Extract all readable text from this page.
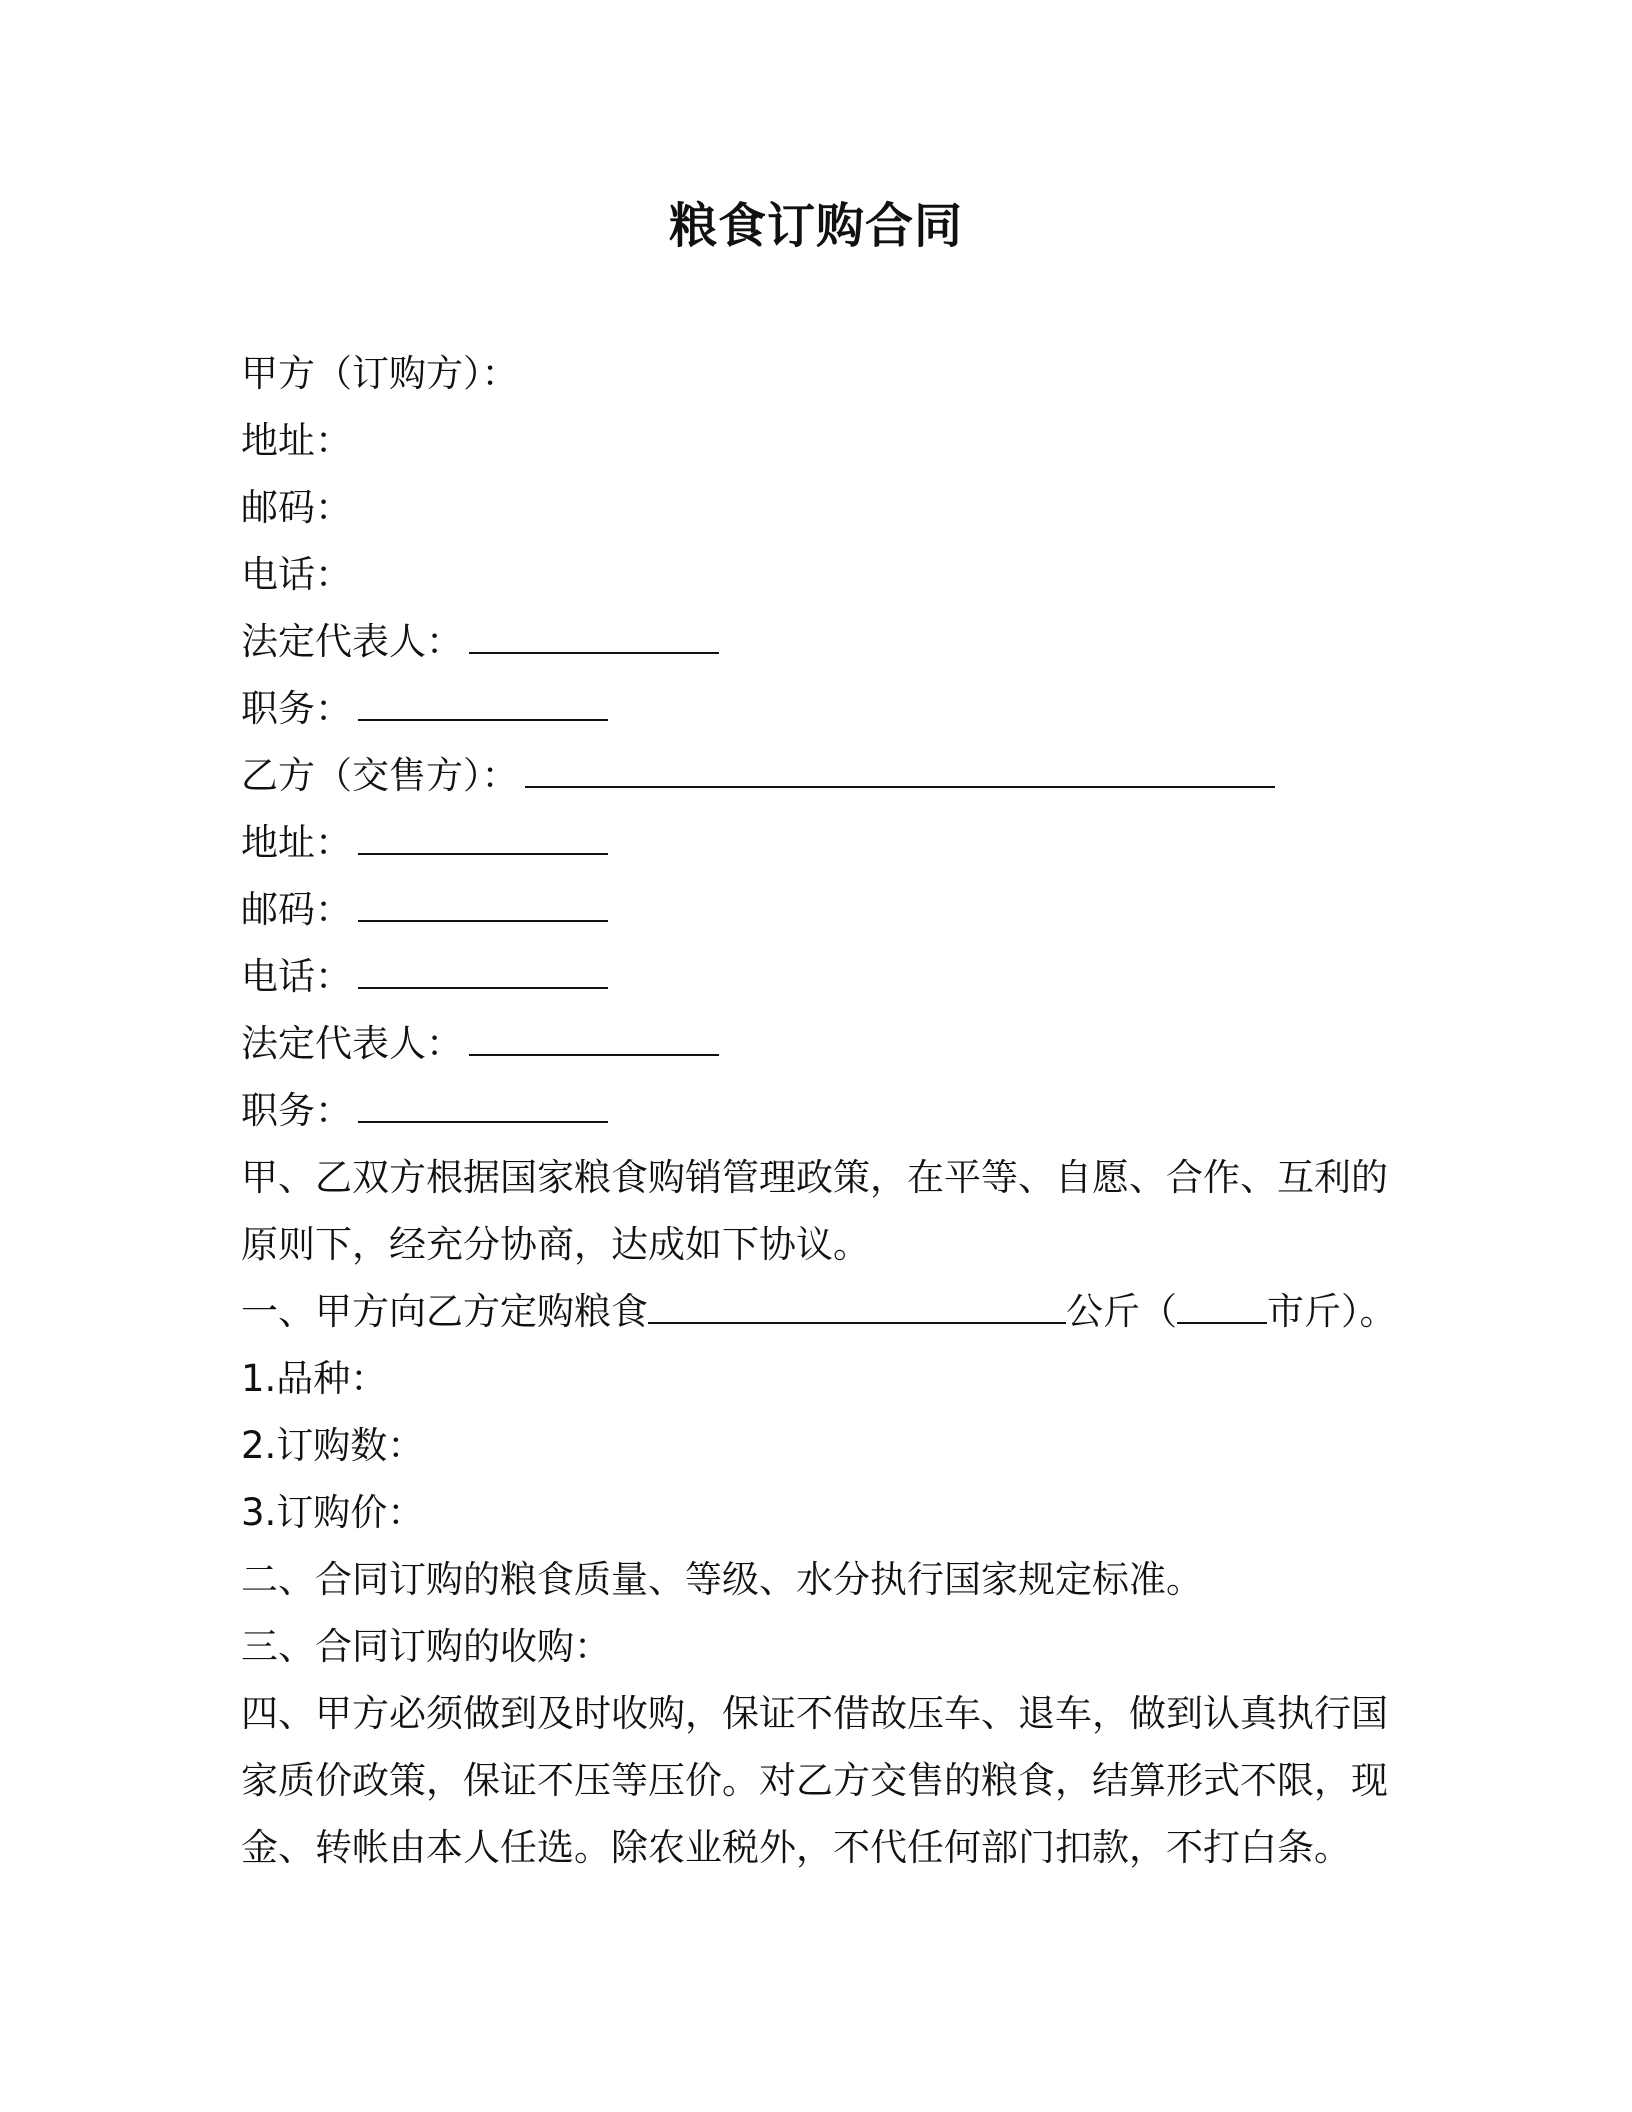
粮食订购合同
甲方（订购方）：
地址：
邮码：
电话：
法定代表人：
职务：
乙方（交售方）：
地址：
邮码：
电话：
法定代表人：
职务：
甲、乙双方根据国家粮食购销管理政策，在平等、自愿、合作、互利的原则下，经充分协商，达成如下协议。
一、甲方向乙方定购粮食	公斤（ 市斤）。
1.品种：
2.订购数：
3.订购价：
二、合同订购的粮食质量、等级、水分执行国家规定标准。
三、合同订购的收购：
四、甲方必须做到及时收购，保证不借故压车、退车，做到认真执行国家质价政策，保证不压等压价。对乙方交售的粮食，结算形式不限，现金、转帐由本人任选。除农业税外，不代任何部门扣款，不打白条。
